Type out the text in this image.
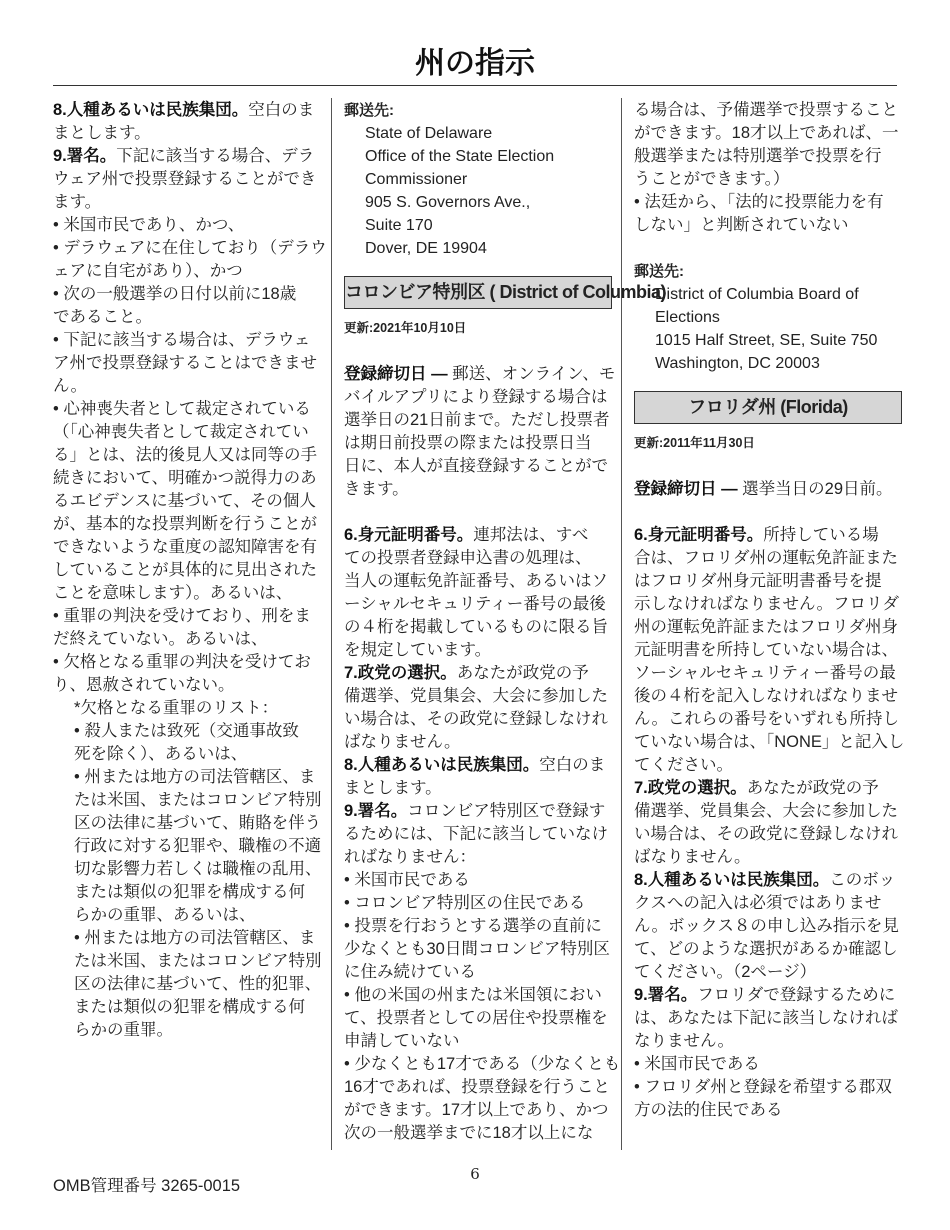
州の指示
8.人種あるいは民族集団。空白のま
まとします。
9.署名。下記に該当する場合、デラ
ウェア州で投票登録することができ
ます。
• 米国市民であり、かつ、
• デラウェアに在住しており（デラウ
ェアに自宅があり）、かつ
• 次の一般選挙の日付以前に18歳
であること。
• 下記に該当する場合は、デラウェ
ア州で投票登録することはできませ
ん。
• 心神喪失者として裁定されている
（「心神喪失者として裁定されてい
る」とは、法的後見人又は同等の手
続きにおいて、明確かつ説得力のあ
るエビデンスに基づいて、その個人
が、基本的な投票判断を行うことが
できないような重度の認知障害を有
していることが具体的に見出された
ことを意味します）。あるいは、
• 重罪の判決を受けており、刑をま
だ終えていない。あるいは、
• 欠格となる重罪の判決を受けてお
り、恩赦されていない。
*欠格となる重罪のリスト：
• 殺人または致死（交通事故致
死を除く）、あるいは、
• 州または地方の司法管轄区、ま
たは米国、またはコロンビア特別
区の法律に基づいて、賄賂を伴う
行政に対する犯罪や、職権の不適
切な影響力若しくは職権の乱用、
または類似の犯罪を構成する何
らかの重罪、あるいは、
• 州または地方の司法管轄区、ま
たは米国、またはコロンビア特別
区の法律に基づいて、性的犯罪、
または類似の犯罪を構成する何
らかの重罪。
郵送先:
State of Delaware
Office of the State Election
Commissioner
905 S. Governors Ave.,
Suite 170
Dover, DE 19904
コロンビア特別区 ( District of Columbia)
更新:2021年10月10日
登録締切日 — 郵送、オンライン、モ
バイルアプリにより登録する場合は
選挙日の21日前まで。ただし投票者
は期日前投票の際または投票日当
日に、本人が直接登録することがで
きます。
6.身元証明番号。連邦法は、すべ
ての投票者登録申込書の処理は、
当人の運転免許証番号、あるいはソ
ーシャルセキュリティー番号の最後
の４桁を掲載しているものに限る旨
を規定しています。
7.政党の選択。あなたが政党の予
備選挙、党員集会、大会に参加した
い場合は、その政党に登録しなけれ
ばなりません。
8.人種あるいは民族集団。空白のま
まとします。
9.署名。コロンビア特別区で登録す
るためには、下記に該当していなけ
ればなりません：
• 米国市民である
• コロンビア特別区の住民である
• 投票を行おうとする選挙の直前に
少なくとも30日間コロンビア特別区
に住み続けている
• 他の米国の州または米国領におい
て、投票者としての居住や投票権を
申請していない
• 少なくとも17才である（少なくとも
16才であれば、投票登録を行うこと
ができます。17才以上であり、かつ
次の一般選挙までに18才以上にな
る場合は、予備選挙で投票すること
ができます。18才以上であれば、一
般選挙または特別選挙で投票を行
うことができます。）
• 法廷から、「法的に投票能力を有
しない」と判断されていない
郵送先:
District of Columbia Board of
Elections
1015 Half Street, SE, Suite 750
Washington, DC 20003
フロリダ州 (Florida)
更新:2011年11月30日
登録締切日 — 選挙当日の29日前。
6.身元証明番号。所持している場
合は、フロリダ州の運転免許証また
はフロリダ州身元証明書番号を提
示しなければなりません。フロリダ
州の運転免許証またはフロリダ州身
元証明書を所持していない場合は、
ソーシャルセキュリティー番号の最
後の４桁を記入しなければなりませ
ん。これらの番号をいずれも所持し
ていない場合は、「NONE」と記入し
てください。
7.政党の選択。あなたが政党の予
備選挙、党員集会、大会に参加した
い場合は、その政党に登録しなけれ
ばなりません。
8.人種あるいは民族集団。このボッ
クスへの記入は必須ではありませ
ん。ボックス８の申し込み指示を見
て、どのような選択があるか確認し
てください。（2ページ）
9.署名。フロリダで登録するために
は、あなたは下記に該当しなければ
なりません。
• 米国市民である
• フロリダ州と登録を希望する郡双
方の法的住民である
OMB管理番号 3265-0015
6
